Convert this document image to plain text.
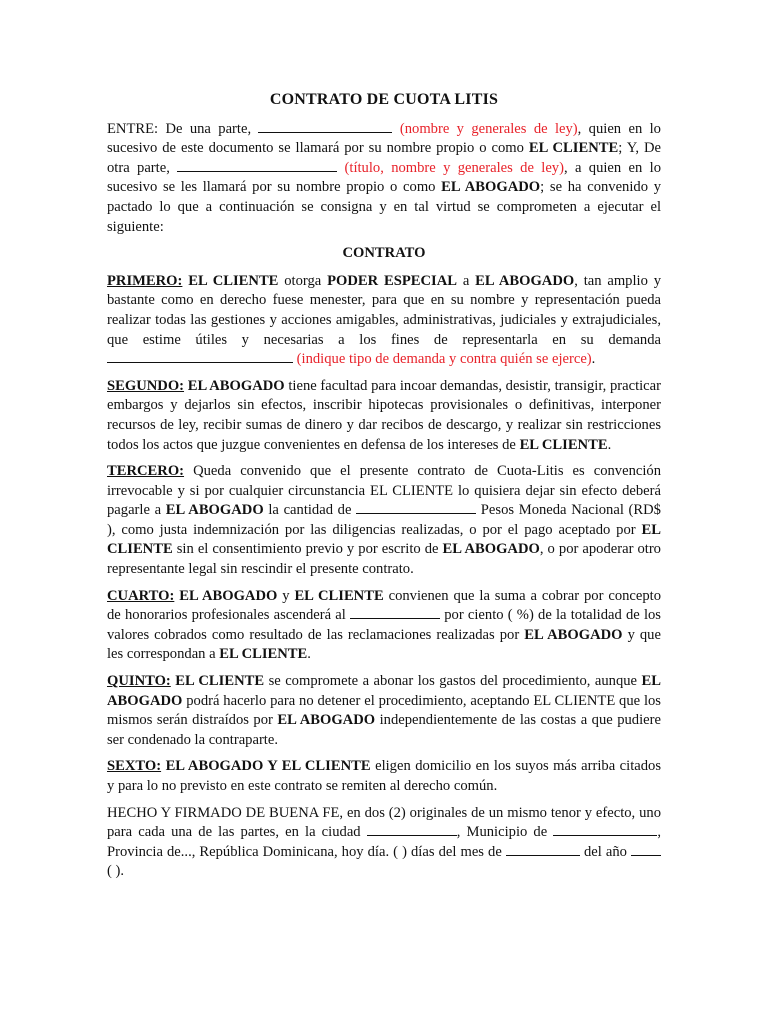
CONTRATO DE CUOTA LITIS

ENTRE: De una parte,	(nombre y generales de ley), quien en lo sucesivo de este documento se llamará por su nombre propio o como EL CLIENTE; Y, De otra parte,	(título, nombre y generales de ley), a quien en lo sucesivo se les llamará por su nombre propio o como EL ABOGADO; se ha convenido y pactado lo que a continuación se consigna y en tal virtud se comprometen a ejecutar el siguiente:

CONTRATO

PRIMERO: EL CLIENTE otorga PODER ESPECIAL a EL ABOGADO, tan amplio y bastante como en derecho fuese menester, para que en su nombre y representación pueda realizar todas las gestiones y acciones amigables, administrativas, judiciales y extrajudiciales, que estime útiles y necesarias a los fines de representarla en su demanda  (indique tipo de demanda y contra quién se ejerce).

SEGUNDO: EL ABOGADO tiene facultad para incoar demandas, desistir, transigir, practicar embargos y dejarlos sin efectos, inscribir hipotecas provisionales o definitivas, interponer recursos de ley, recibir sumas de dinero y dar recibos de descargo, y realizar sin restricciones todos los actos que juzgue convenientes en defensa de los intereses de EL CLIENTE.

TERCERO: Queda convenido que el presente contrato de Cuota-Litis es convención irrevocable y si por cualquier circunstancia EL CLIENTE lo quisiera dejar sin efecto deberá pagarle a EL ABOGADO la cantidad de	Pesos Moneda Nacional (RD$ ), como justa indemnización por las diligencias realizadas, o por el pago aceptado por EL CLIENTE sin el consentimiento previo y por escrito de EL ABOGADO, o por apoderar otro representante legal sin rescindir el presente contrato.

CUARTO: EL ABOGADO y EL CLIENTE convienen que la suma a cobrar por concepto de honorarios profesionales ascenderá al	por ciento ( %) de la totalidad de los valores cobrados como resultado de las reclamaciones realizadas por EL ABOGADO y que les correspondan a EL CLIENTE.

QUINTO: EL CLIENTE se compromete a abonar los gastos del procedimiento, aunque EL ABOGADO podrá hacerlo para no detener el procedimiento, aceptando EL CLIENTE que los mismos serán distraídos por EL ABOGADO independientemente de las costas a que pudiere ser condenado la contraparte.

SEXTO: EL ABOGADO Y EL CLIENTE eligen domicilio en los suyos más arriba citados y para lo no previsto en este contrato se remiten al derecho común.

HECHO Y FIRMADO DE BUENA FE, en dos (2) originales de un mismo tenor y efecto, uno para cada una de las partes, en la ciudad	, Municipio de	, Provincia de..., República Dominicana, hoy día. ( ) días del mes de	del año  ( ).
